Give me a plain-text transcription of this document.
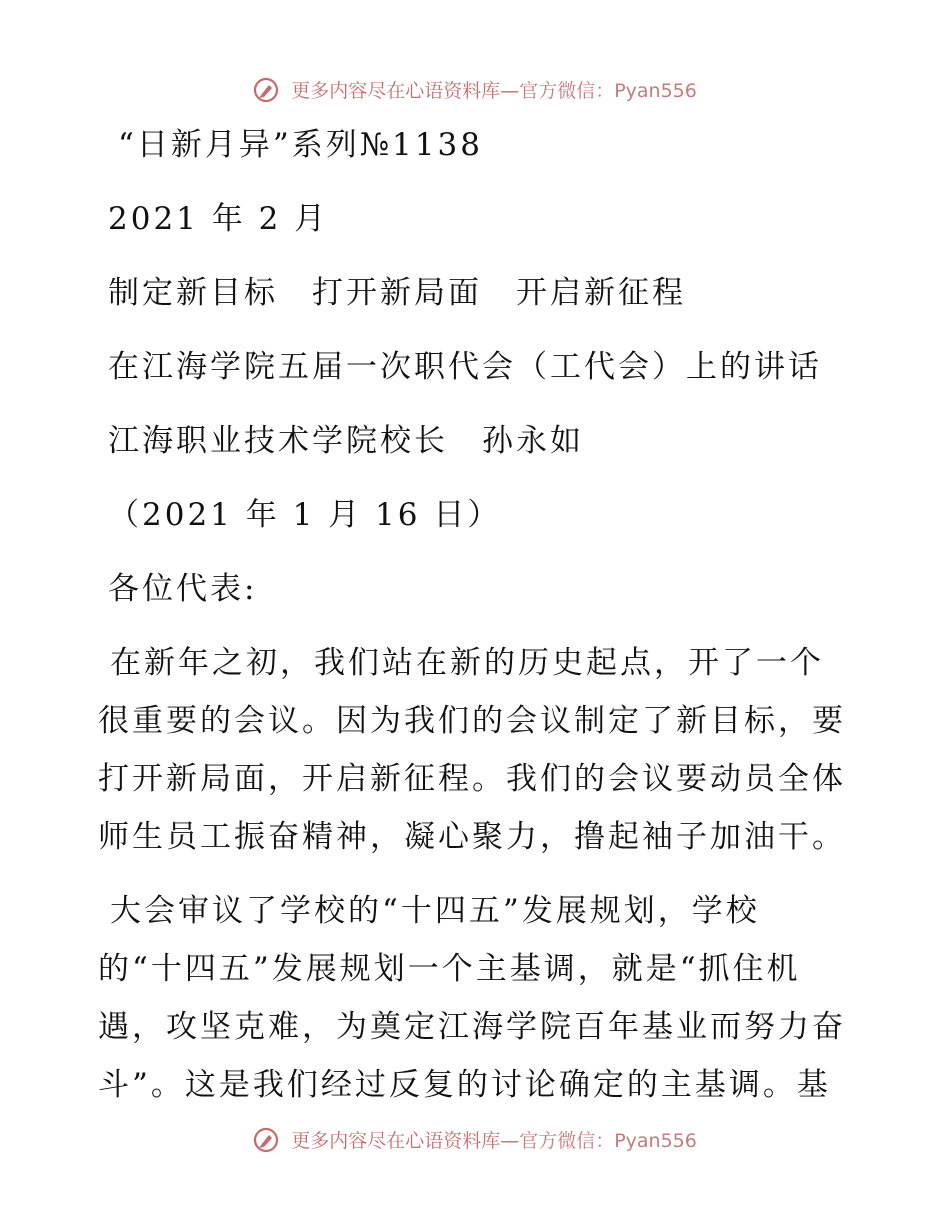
更多内容尽在心语资料库—官方微信：Pyan556
“日新月异”系列№1138
2021 年 2 月
制定新目标　打开新局面　开启新征程
在江海学院五届一次职代会（工代会）上的讲话
江海职业技术学院校长　孙永如
（2021 年 1 月 16 日）
各位代表:
在新年之初，我们站在新的历史起点，开了一个
很重要的会议。因为我们的会议制定了新目标，要
打开新局面，开启新征程。我们的会议要动员全体
师生员工振奋精神，凝心聚力，撸起袖子加油干。
大会审议了学校的“十四五”发展规划，学校
的“十四五”发展规划一个主基调，就是“抓住机
遇，攻坚克难，为奠定江海学院百年基业而努力奋
斗”。这是我们经过反复的讨论确定的主基调。基
更多内容尽在心语资料库—官方微信：Pyan556
